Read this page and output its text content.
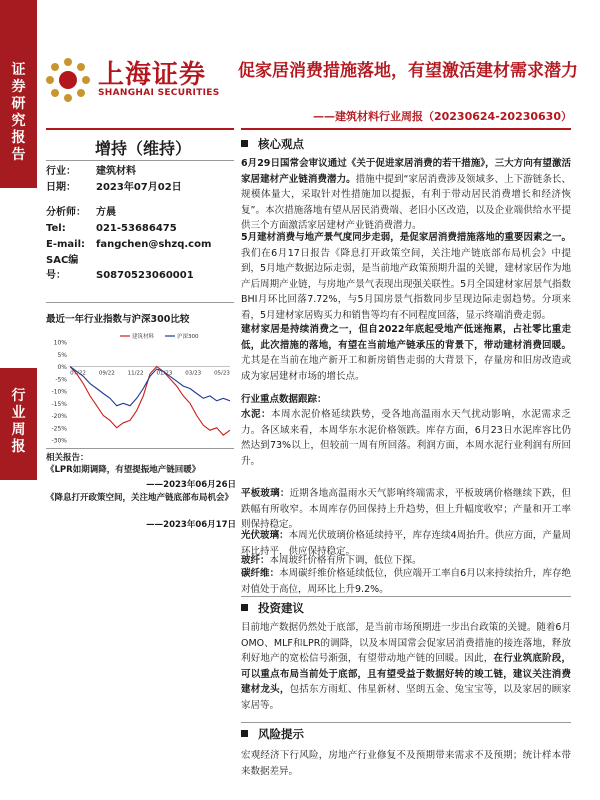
证
券
研
究
报
告
行
业
周
报
上海证券
SHANGHAI SECURITIES
促家居消费措施落地，有望激活建材需求潜力
——建筑材料行业周报（20230624-20230630）
增持（维持）
行业： 建筑材料
日期： 2023年07月02日
分析师： 方晨
Tel:	021-53686475
E-mail: fangchen@shzq.com
SAC编号：	S0870523060001
最近一年行业指数与沪深300比较
10%
5%
0%
-5%
-10%
-15%
-20%
-25%
-30%
07/22 09/22 11/22 01/23 03/23 05/23
建筑材料	沪深300
相关报告：
《LPR如期调降，有望提振地产链回暖》
——2023年06月26日
《降息打开政策空间，关注地产链底部布局机会》
——2023年06月17日
核心观点
6月29日国常会审议通过《关于促进家居消费的若干措施》，三大方向有望激活家居建材产业链消费潜力。措施中提到“家居消费涉及领域多、上下游链条长、规模体量大，采取针对性措施加以提振，有利于带动居民消费增长和经济恢复”。本次措施落地有望从居民消费端、老旧小区改造，以及企业端供给水平提供三个方面激活家居建材产业链消费潜力。
5月建材消费与地产景气度同步走弱，是促家居消费措施落地的重要因素之一。我们在6月17日报告《降息打开政策空间，关注地产链底部布局机会》中提到，5月地产数据边际走弱，是当前地产政策预期升温的关键，建材家居作为地产后周期产业链，与房地产景气表现出现强关联性。5月全国建材家居景气指数BHI月环比回落7.72%，与5月国房景气指数同步呈现边际走弱趋势。分项来看，5月建材家居购买力和销售等均有不同程度回落，显示终端消费走弱。
建材家居是持续消费之一，但自2022年底起受地产低迷拖累，占社零比重走低，此次措施的落地，有望在当前地产链承压的背景下，带动建材消费回暖。尤其是在当前在地产新开工和新房销售走弱的大背景下，存量房和旧房改造或成为家居建材市场的增长点。
行业重点数据跟踪：
水泥：本周水泥价格延续跌势，受各地高温雨水天气扰动影响，水泥需求乏力。各区域来看，本周华东水泥价格领跌。库存方面，6月23日水泥库容比仍然达到73%以上，但较前一周有所回落。利润方面，本周水泥行业利润有所回升。
平板玻璃：近期各地高温雨水天气影响终端需求，平板玻璃价格继续下跌，但跌幅有所收窄。本周库存仍回保持上升趋势，但上升幅度收窄；产量和开工率则保持稳定。
光伏玻璃：本周光伏玻璃价格延续持平，库存连续4周抬升。供应方面，产量周环比持平，供应保持稳定。
玻纤：本周玻纤价格有所下调，低位下探。
碳纤维：本周碳纤维价格延续低位，供应端开工率自6月以来持续抬升，库存绝对值处于高位，周环比上升9.2%。
投资建议
目前地产数据仍然处于底部，是当前市场预期进一步出台政策的关键。随着6月OMO、MLF和LPR的调降，以及本周国常会促家居消费措施的接连落地，释放利好地产的宽松信号渐强，有望带动地产链的回暖。因此，在行业筑底阶段，可以重点布局当前处于底部，且有望受益于数据好转的竣工链，建议关注消费建材龙头，包括东方雨虹、伟星新材、坚朗五金、兔宝宝等，以及家居的顾家家居等。
风险提示
宏观经济下行风险，房地产行业修复不及预期带来需求不及预期；统计样本带来数据差异。
